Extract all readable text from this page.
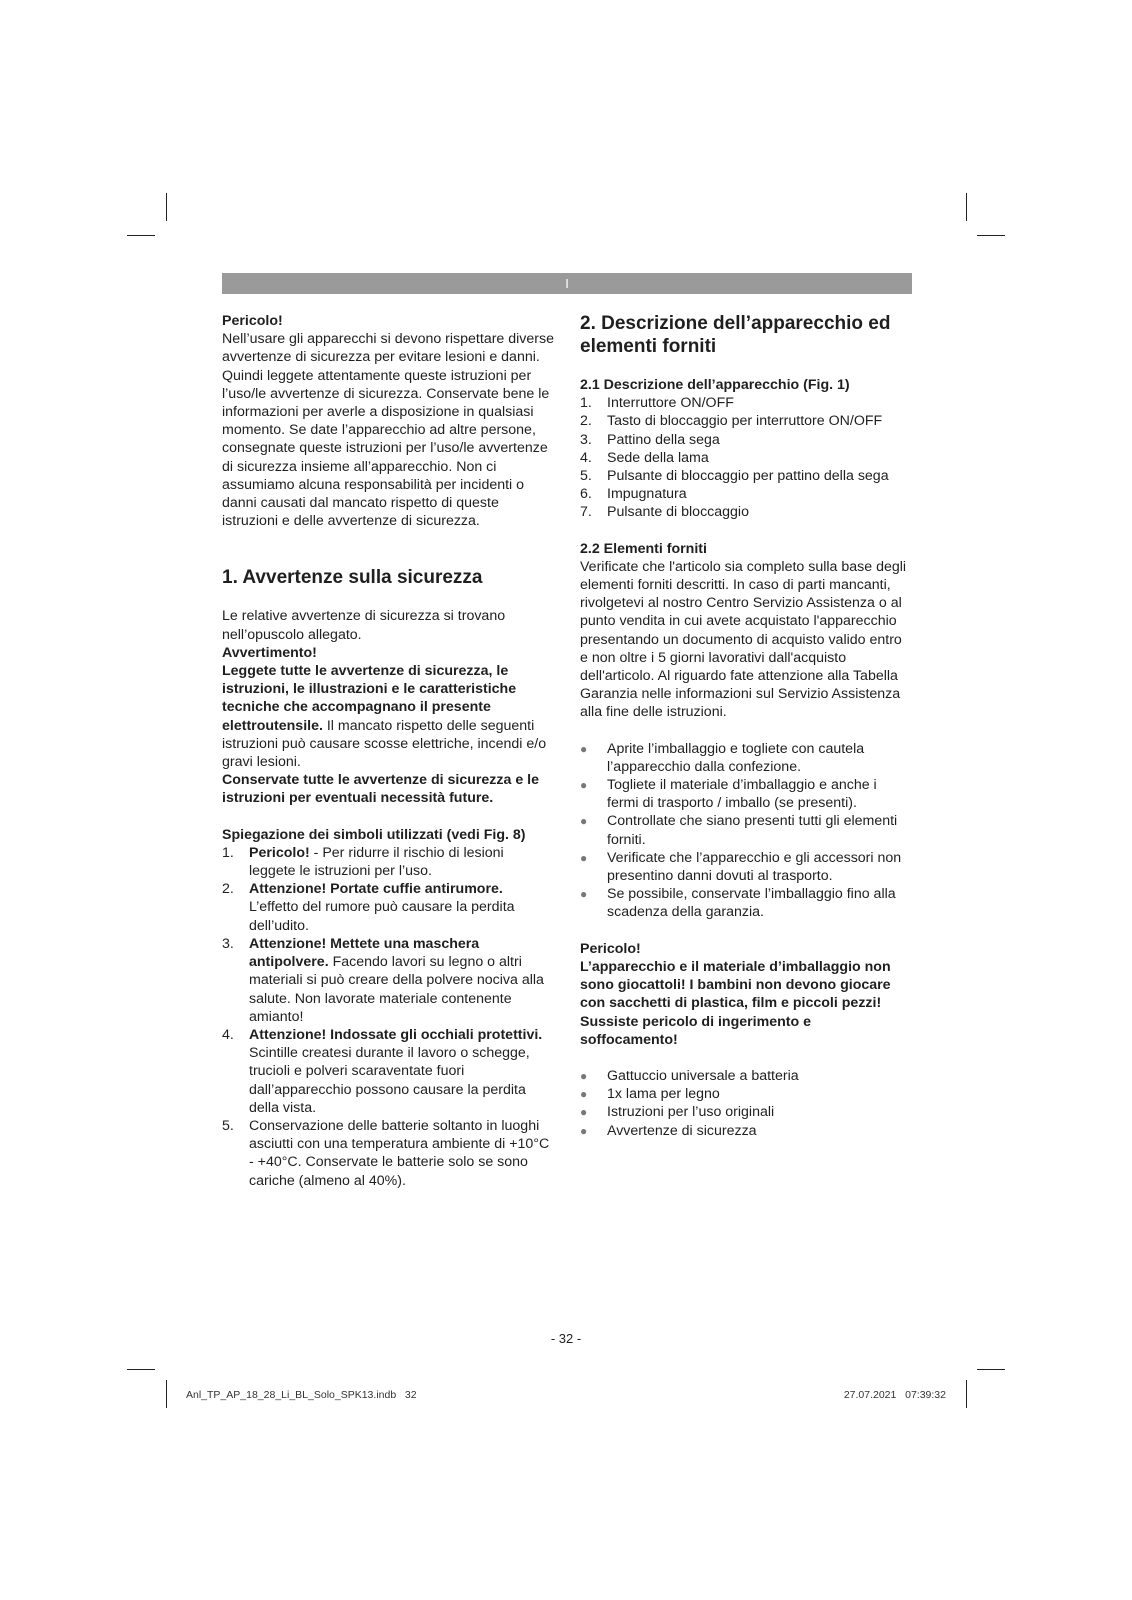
I

Pericolo!

Nell’usare gli apparecchi si devono rispettare diverse avvertenze di sicurezza per evitare lesioni e danni. Quindi leggete attentamente queste istruzioni per l’uso/le avvertenze di sicurezza. Conservate bene le informazioni per averle a disposizione in qualsiasi momento. Se date l’apparecchio ad altre persone, consegnate queste istruzioni per l’uso/le avvertenze di sicurezza insieme all’apparecchio. Non ci assumiamo alcuna responsabilità per incidenti o danni causati dal mancato rispetto di queste istruzioni e delle avvertenze di sicurezza.

1. Avvertenze sulla sicurezza

Le relative avvertenze di sicurezza si trovano nell’opuscolo allegato.

Avvertimento!

Leggete tutte le avvertenze di sicurezza, le istruzioni, le illustrazioni e le caratteristiche tecniche che accompagnano il presente elettroutensile. Il mancato rispetto delle seguenti istruzioni può causare scosse elettriche, incendi e/o gravi lesioni.

Conservate tutte le avvertenze di sicurezza e le istruzioni per eventuali necessità future.

Spiegazione dei simboli utilizzati (vedi Fig. 8)

1. Pericolo! - Per ridurre il rischio di lesioni leggete le istruzioni per l’uso.
2. Attenzione! Portate cuffie antirumore. L’effetto del rumore può causare la perdita dell’udito.
3. Attenzione! Mettete una maschera antipolvere. Facendo lavori su legno o altri materiali si può creare della polvere nociva alla salute. Non lavorate materiale contenente amianto!
4. Attenzione! Indossate gli occhiali protettivi. Scintille createsi durante il lavoro o schegge, trucioli e polveri scaraventate fuori dall’apparecchio possono causare la perdita della vista.
5. Conservazione delle batterie soltanto in luoghi asciutti con una temperatura ambiente di +10°C - +40°C. Conservate le batterie solo se sono cariche (almeno al 40%).

2. Descrizione dell’apparecchio ed elementi forniti

2.1 Descrizione dell’apparecchio (Fig. 1)

1. Interruttore ON/OFF
2. Tasto di bloccaggio per interruttore ON/OFF
3. Pattino della sega
4. Sede della lama
5. Pulsante di bloccaggio per pattino della sega
6. Impugnatura
7. Pulsante di bloccaggio

2.2 Elementi forniti

Verificate che l'articolo sia completo sulla base degli elementi forniti descritti. In caso di parti mancanti, rivolgetevi al nostro Centro Servizio Assistenza o al punto vendita in cui avete acquistato l'apparecchio presentando un documento di acquisto valido entro e non oltre i 5 giorni lavorativi dall'acquisto dell'articolo. Al riguardo fate attenzione alla Tabella Garanzia nelle informazioni sul Servizio Assistenza alla fine delle istruzioni.

● Aprite l’imballaggio e togliete con cautela l’apparecchio dalla confezione.
● Togliete il materiale d’imballaggio e anche i fermi di trasporto / imballo (se presenti).
● Controllate che siano presenti tutti gli elementi forniti.
● Verificate che l’apparecchio e gli accessori non presentino danni dovuti al trasporto.
● Se possibile, conservate l’imballaggio fino alla scadenza della garanzia.

Pericolo!

L’apparecchio e il materiale d’imballaggio non sono giocattoli! I bambini non devono giocare con sacchetti di plastica, film e piccoli pezzi! Sussiste pericolo di ingerimento e soffocamento!

● Gattuccio universale a batteria
● 1x lama per legno
● Istruzioni per l’uso originali
● Avvertenze di sicurezza
- 32 -
Anl_TP_AP_18_28_Li_BL_Solo_SPK13.indb   32	27.07.2021   07:39:32
